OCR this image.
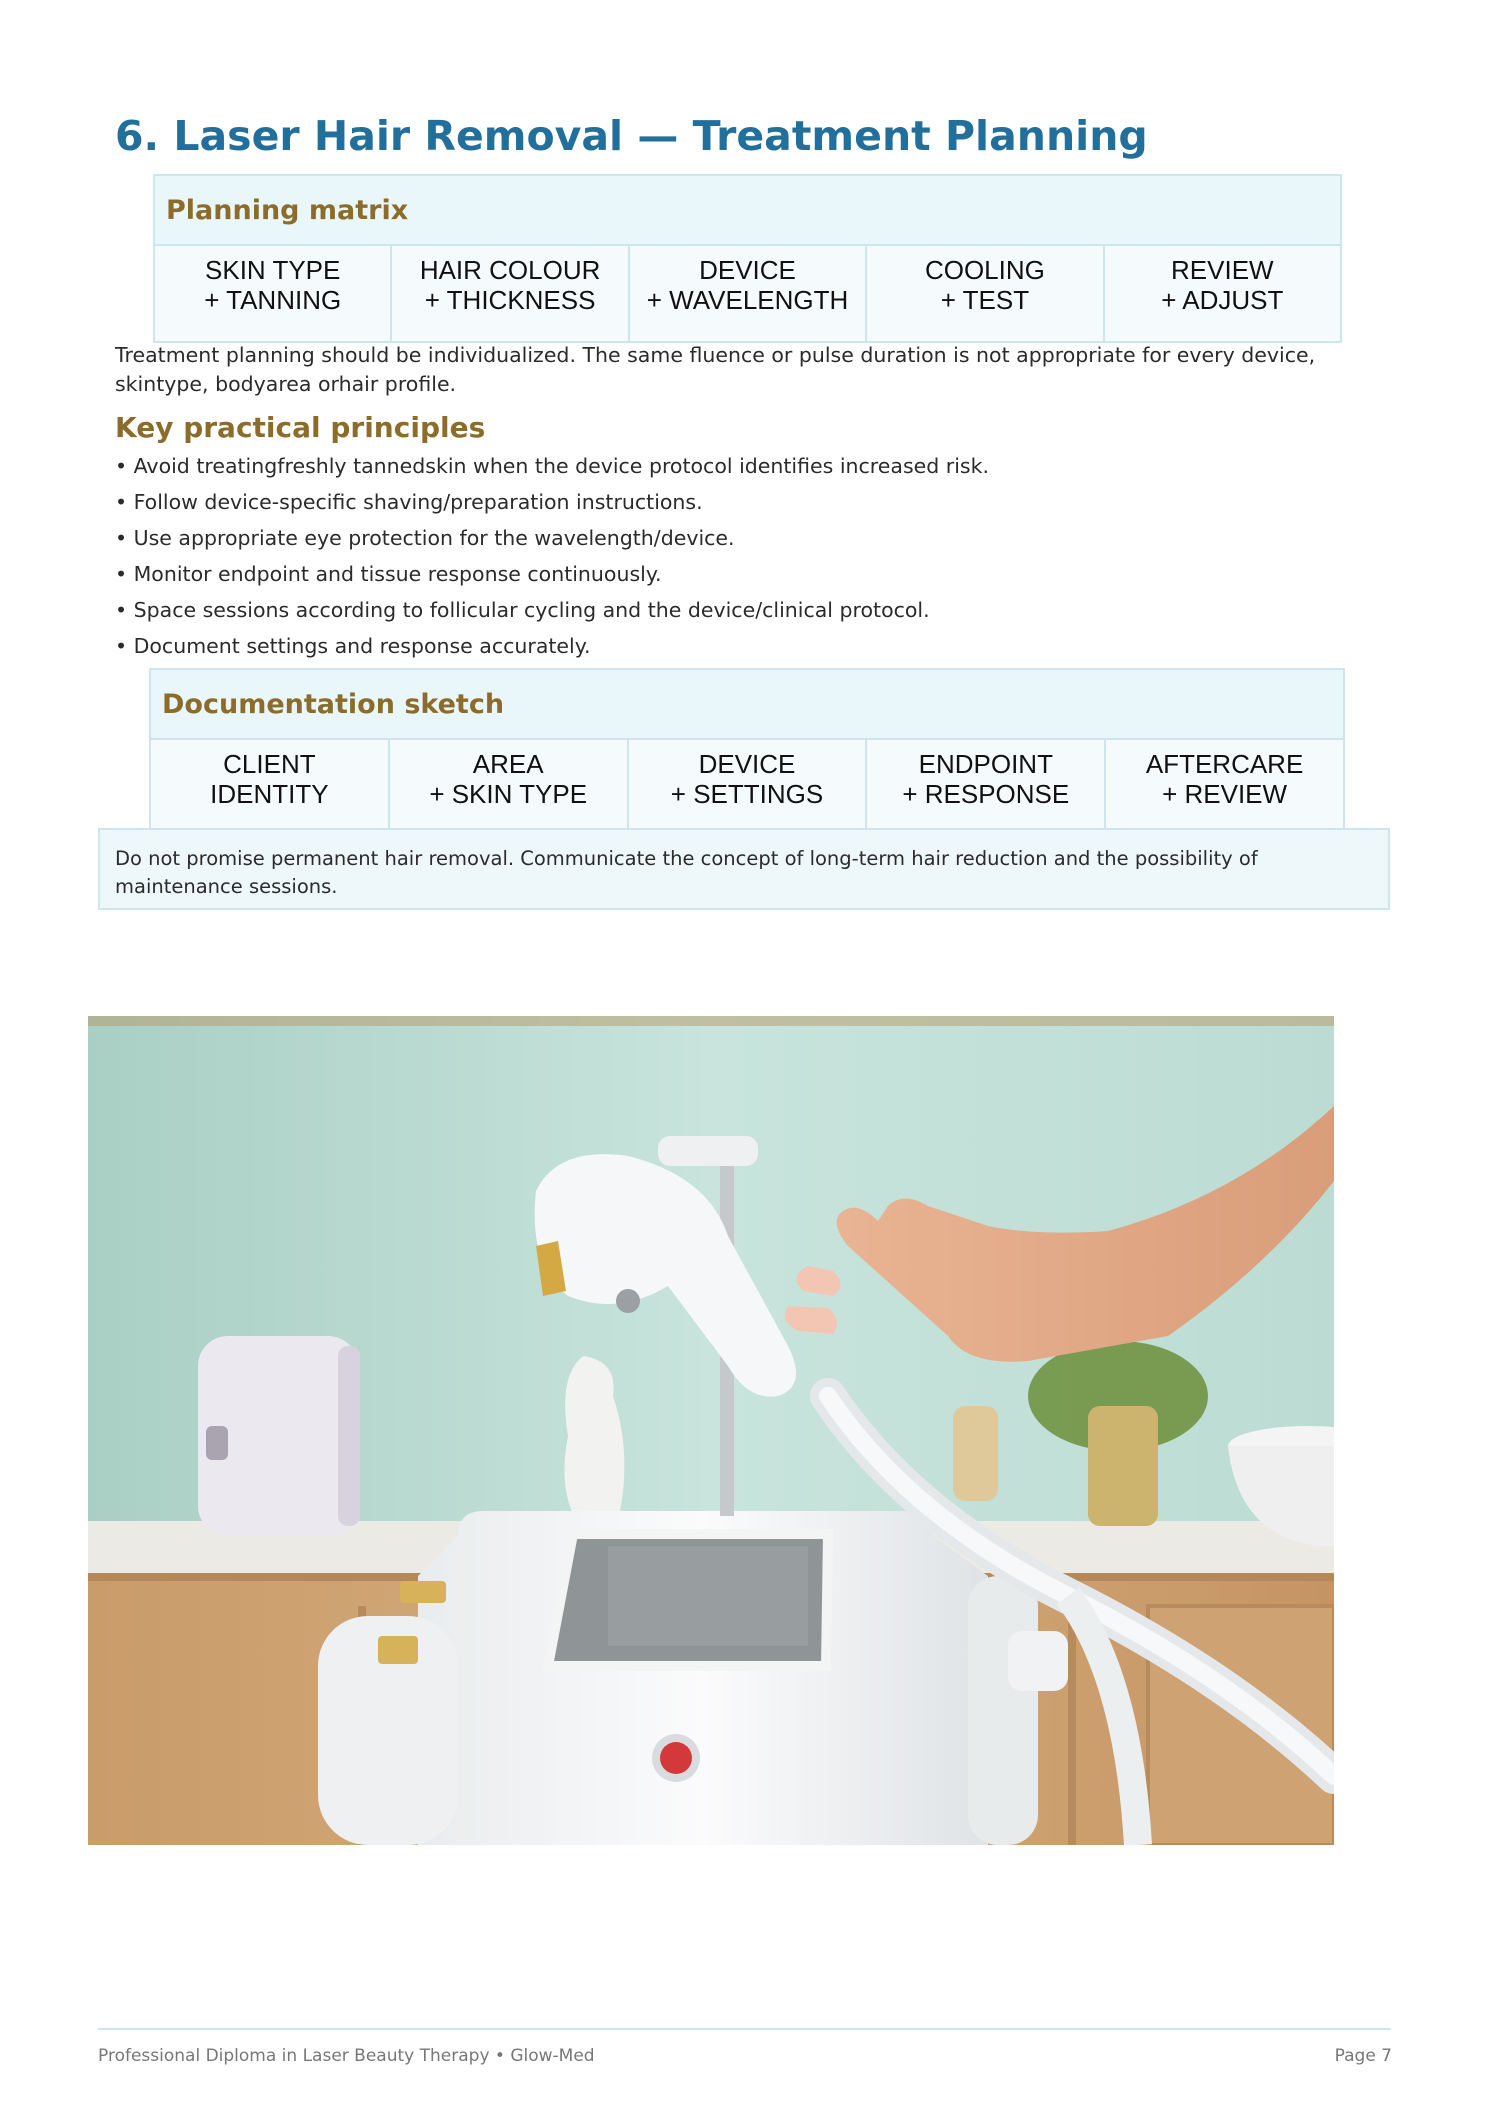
6. Laser Hair Removal — Treatment Planning
Planning matrix
SKIN TYPE
+ TANNING
HAIR COLOUR
+ THICKNESS
DEVICE
+ WAVELENGTH
COOLING
+ TEST
REVIEW
+ ADJUST

Treatment planning should be individualized. The same fluence or pulse duration is not appropriate for every device, skintype, bodyarea orhair profile.

Key practical principles
• Avoid treatingfreshly tannedskin when the device protocol identifies increased risk.
• Follow device-specific shaving/preparation instructions.
• Use appropriate eye protection for the wavelength/device.
• Monitor endpoint and tissue response continuously.
• Space sessions according to follicular cycling and the device/clinical protocol.
• Document settings and response accurately.
Documentation sketch
CLIENT
IDENTITY
AREA
+ SKIN TYPE
DEVICE
+ SETTINGS
ENDPOINT
+ RESPONSE
AFTERCARE
+ REVIEW
Do not promise permanent hair removal. Communicate the concept of long-term hair reduction and the possibility of maintenance sessions.
Professional Diploma in Laser Beauty Therapy • Glow-Med	Page 7
